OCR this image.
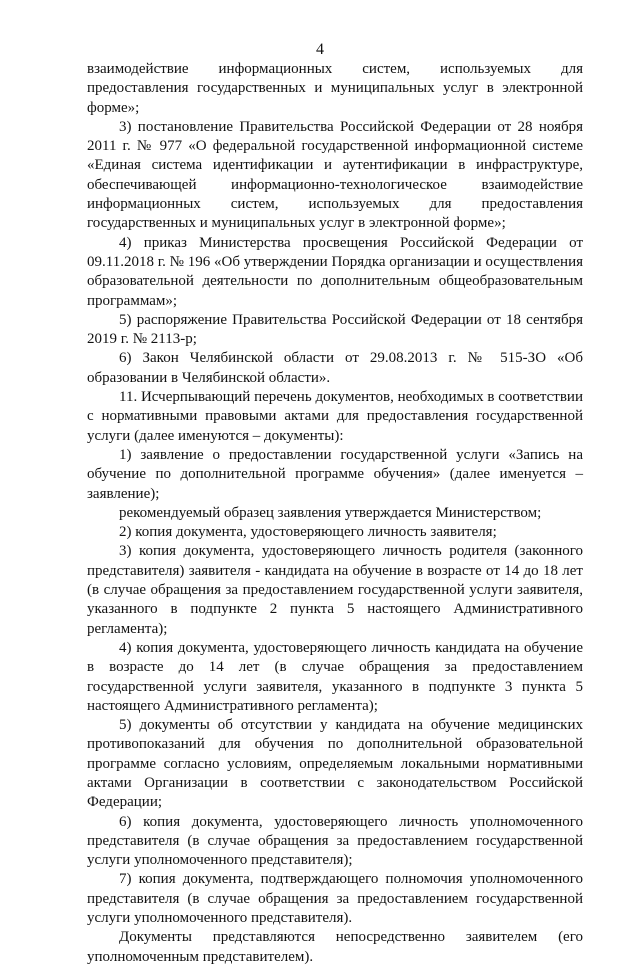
4

взаимодействие информационных систем, используемых для предоставления государственных и муниципальных услуг в электронной форме»;

3) постановление Правительства Российской Федерации от 28 ноября 2011 г. № 977 «О федеральной государственной информационной системе «Единая система идентификации и аутентификации в инфраструктуре, обеспечивающей информационно-технологическое взаимодействие информационных систем, используемых для предоставления государственных и муниципальных услуг в электронной форме»;

4) приказ Министерства просвещения Российской Федерации от 09.11.2018 г. № 196 «Об утверждении Порядка организации и осуществления образовательной деятельности по дополнительным общеобразовательным программам»;

5) распоряжение Правительства Российской Федерации от 18 сентября 2019 г. № 2113-р;

6) Закон Челябинской области от 29.08.2013 г. № 515-ЗО «Об образовании в Челябинской области».

11. Исчерпывающий перечень документов, необходимых в соответствии с нормативными правовыми актами для предоставления государственной услуги (далее именуются – документы):

1) заявление о предоставлении государственной услуги «Запись на обучение по дополнительной программе обучения» (далее именуется – заявление);

рекомендуемый образец заявления утверждается Министерством;

2) копия документа, удостоверяющего личность заявителя;

3) копия документа, удостоверяющего личность родителя (законного представителя) заявителя - кандидата на обучение в возрасте от 14 до 18 лет (в случае обращения за предоставлением государственной услуги заявителя, указанного в подпункте 2 пункта 5 настоящего Административного регламента);

4) копия документа, удостоверяющего личность кандидата на обучение в возрасте до 14 лет (в случае обращения за предоставлением государственной услуги заявителя, указанного в подпункте 3 пункта 5 настоящего Административного регламента);

5) документы об отсутствии у кандидата на обучение медицинских противопоказаний для обучения по дополнительной образовательной программе согласно условиям, определяемым локальными нормативными актами Организации в соответствии с законодательством Российской Федерации;

6) копия документа, удостоверяющего личность уполномоченного представителя (в случае обращения за предоставлением государственной услуги уполномоченного представителя);

7) копия документа, подтверждающего полномочия уполномоченного представителя (в случае обращения за предоставлением государственной услуги уполномоченного представителя).

Документы представляются непосредственно заявителем (его уполномоченным представителем).
